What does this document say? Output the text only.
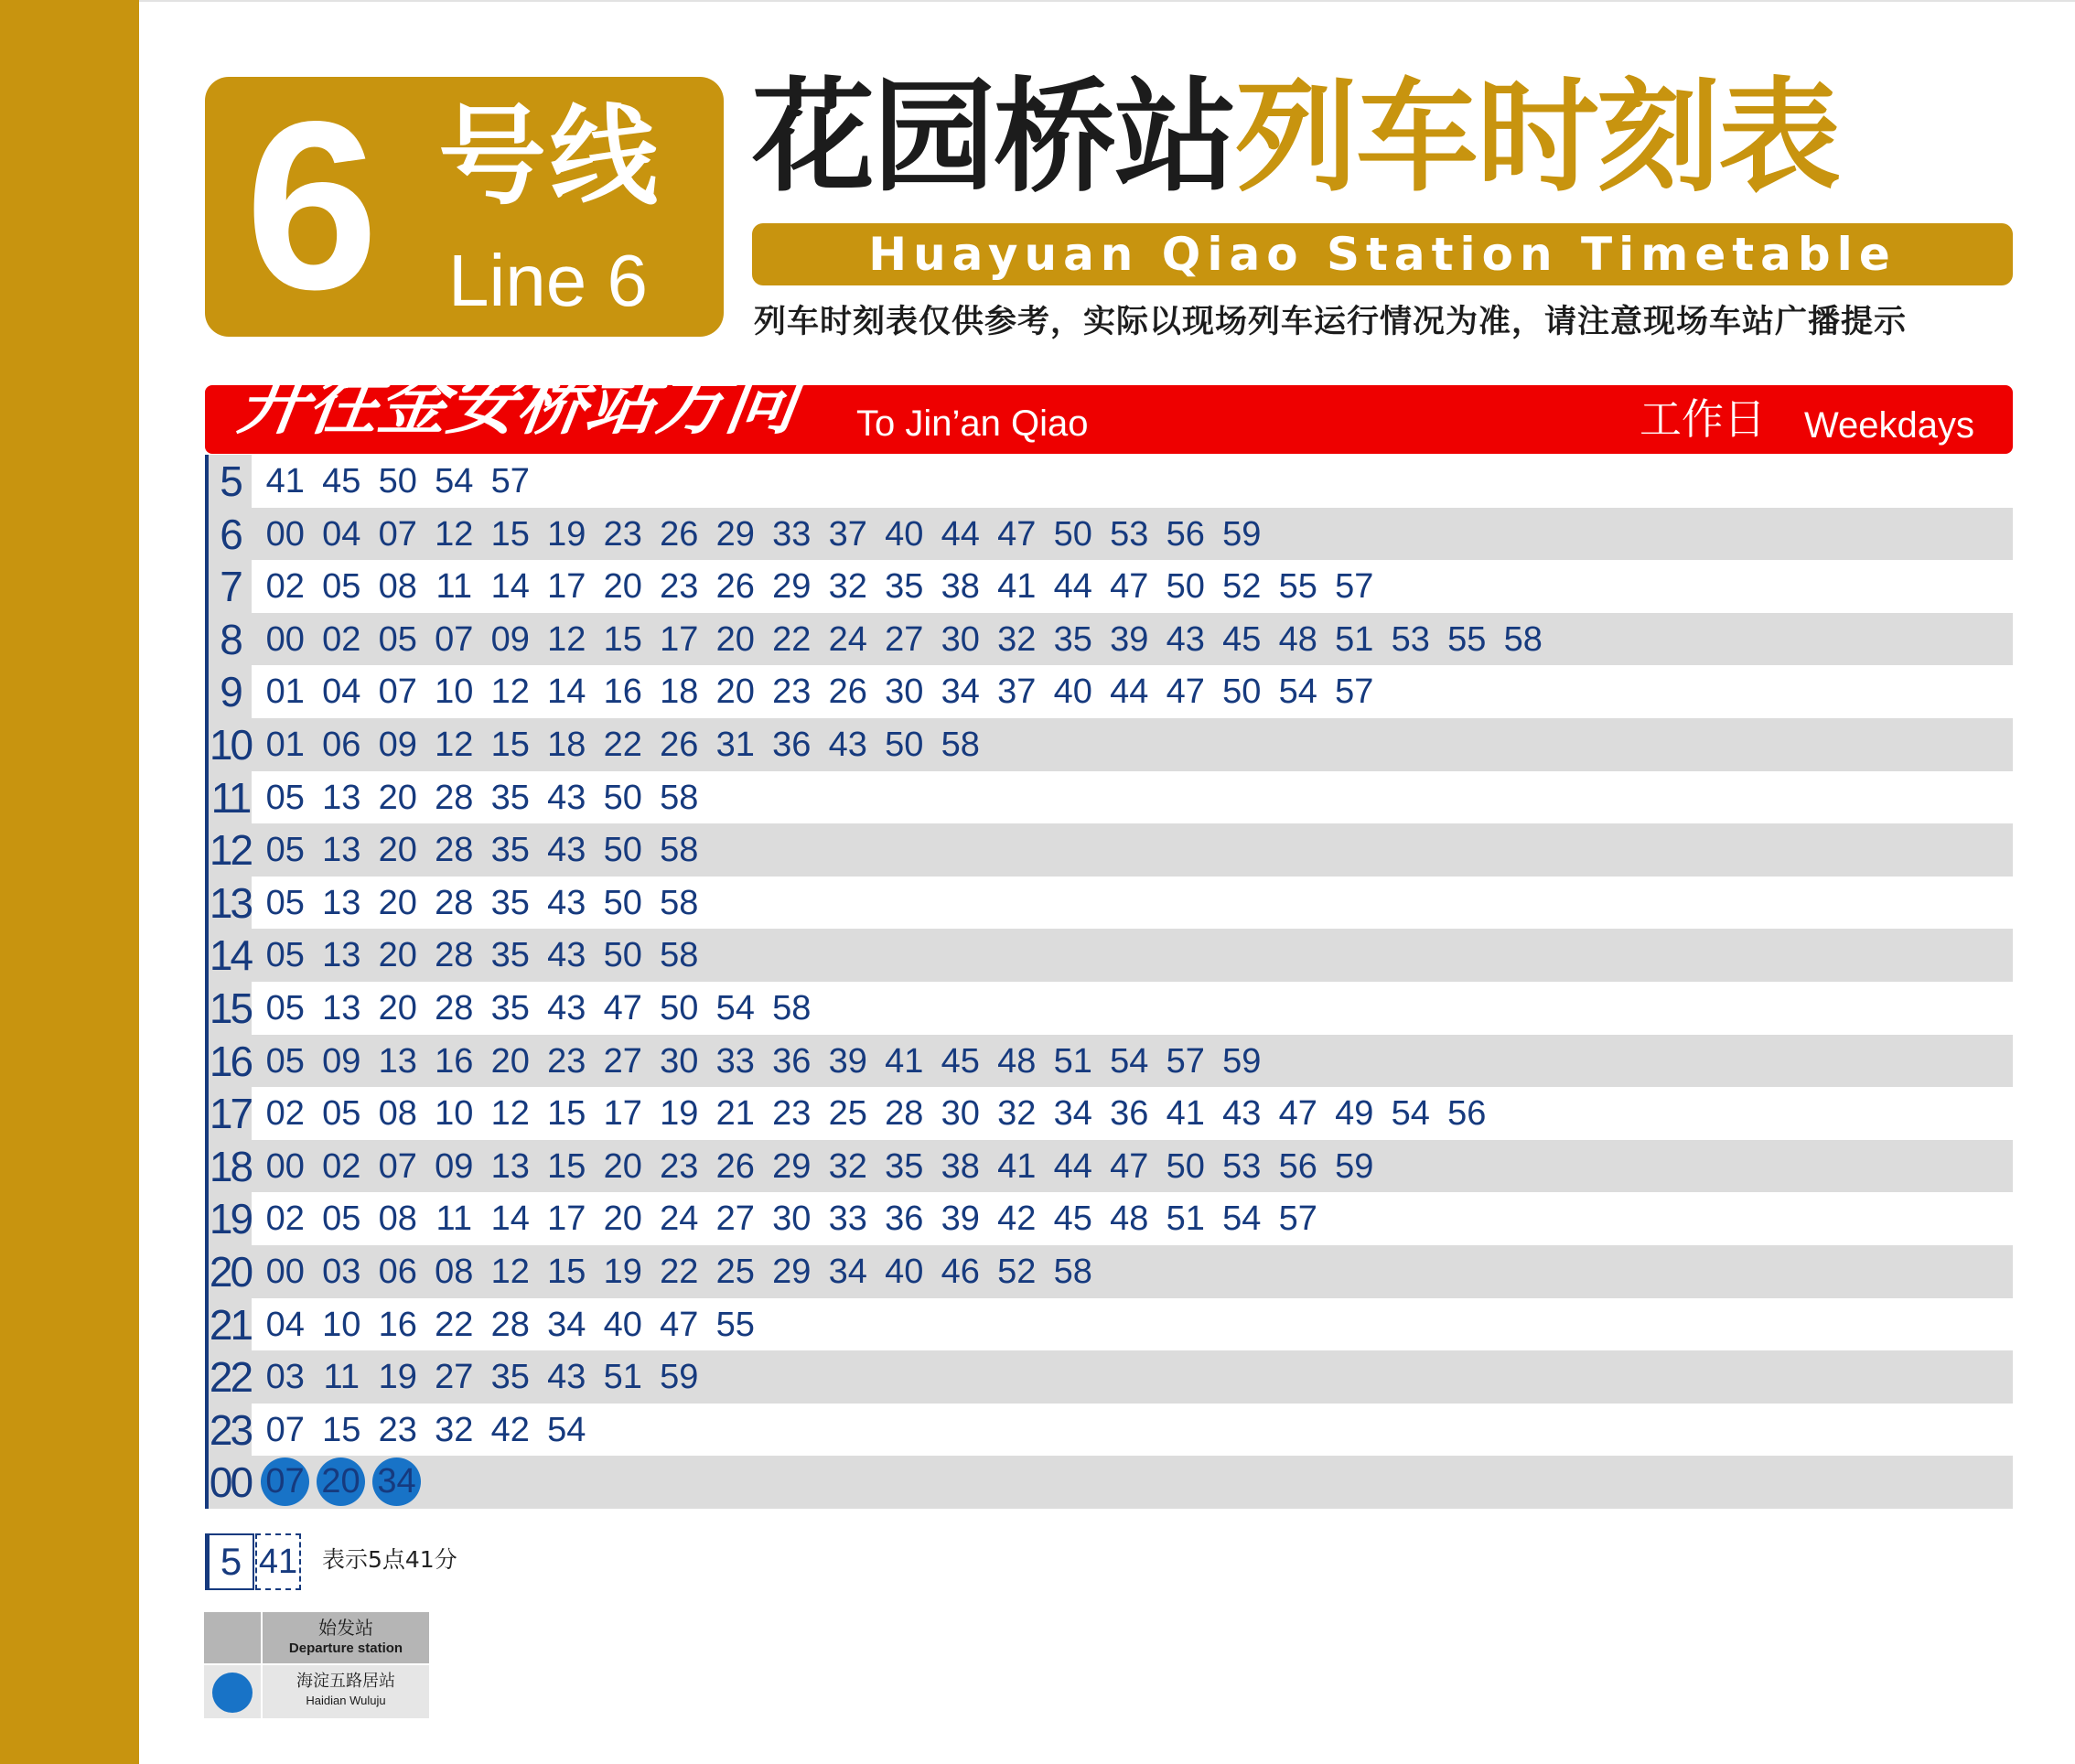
6 号线
Line 6
花园桥站列车时刻表
Huayuan Qiao Station Timetable
列车时刻表仅供参考，实际以现场列车运行情况为准，请注意现场车站广播提示
开往金安桥站方向 To Jin’an Qiao	工作日 Weekdays
5 41 45 50 54 57
6 00 04 07 12 15 19 23 26 29 33 37 40 44 47 50 53 56 59
7 02 05 08 11 14 17 20 23 26 29 32 35 38 41 44 47 50 52 55 57
8 00 02 05 07 09 12 15 17 20 22 24 27 30 32 35 39 43 45 48 51 53 55 58
9 01 04 07 10 12 14 16 18 20 23 26 30 34 37 40 44 47 50 54 57
10 01 06 09 12 15 18 22 26 31 36 43 50 58
11 05 13 20 28 35 43 50 58
12 05 13 20 28 35 43 50 58
13 05 13 20 28 35 43 50 58
14 05 13 20 28 35 43 50 58
15 05 13 20 28 35 43 47 50 54 58
16 05 09 13 16 20 23 27 30 33 36 39 41 45 48 51 54 57 59
17 02 05 08 10 12 15 17 19 21 23 25 28 30 32 34 36 41 43 47 49 54 56
18 00 02 07 09 13 15 20 23 26 29 32 35 38 41 44 47 50 53 56 59
19 02 05 08 11 14 17 20 24 27 30 33 36 39 42 45 48 51 54 57
20 00 03 06 08 12 15 19 22 25 29 34 40 46 52 58
21 04 10 16 22 28 34 40 47 55
22 03 11 19 27 35 43 51 59
23 07 15 23 32 42 54
00 07 20 34
5 41 表示5点41分
始发站
Departure station
海淀五路居站
Haidian Wuluju
